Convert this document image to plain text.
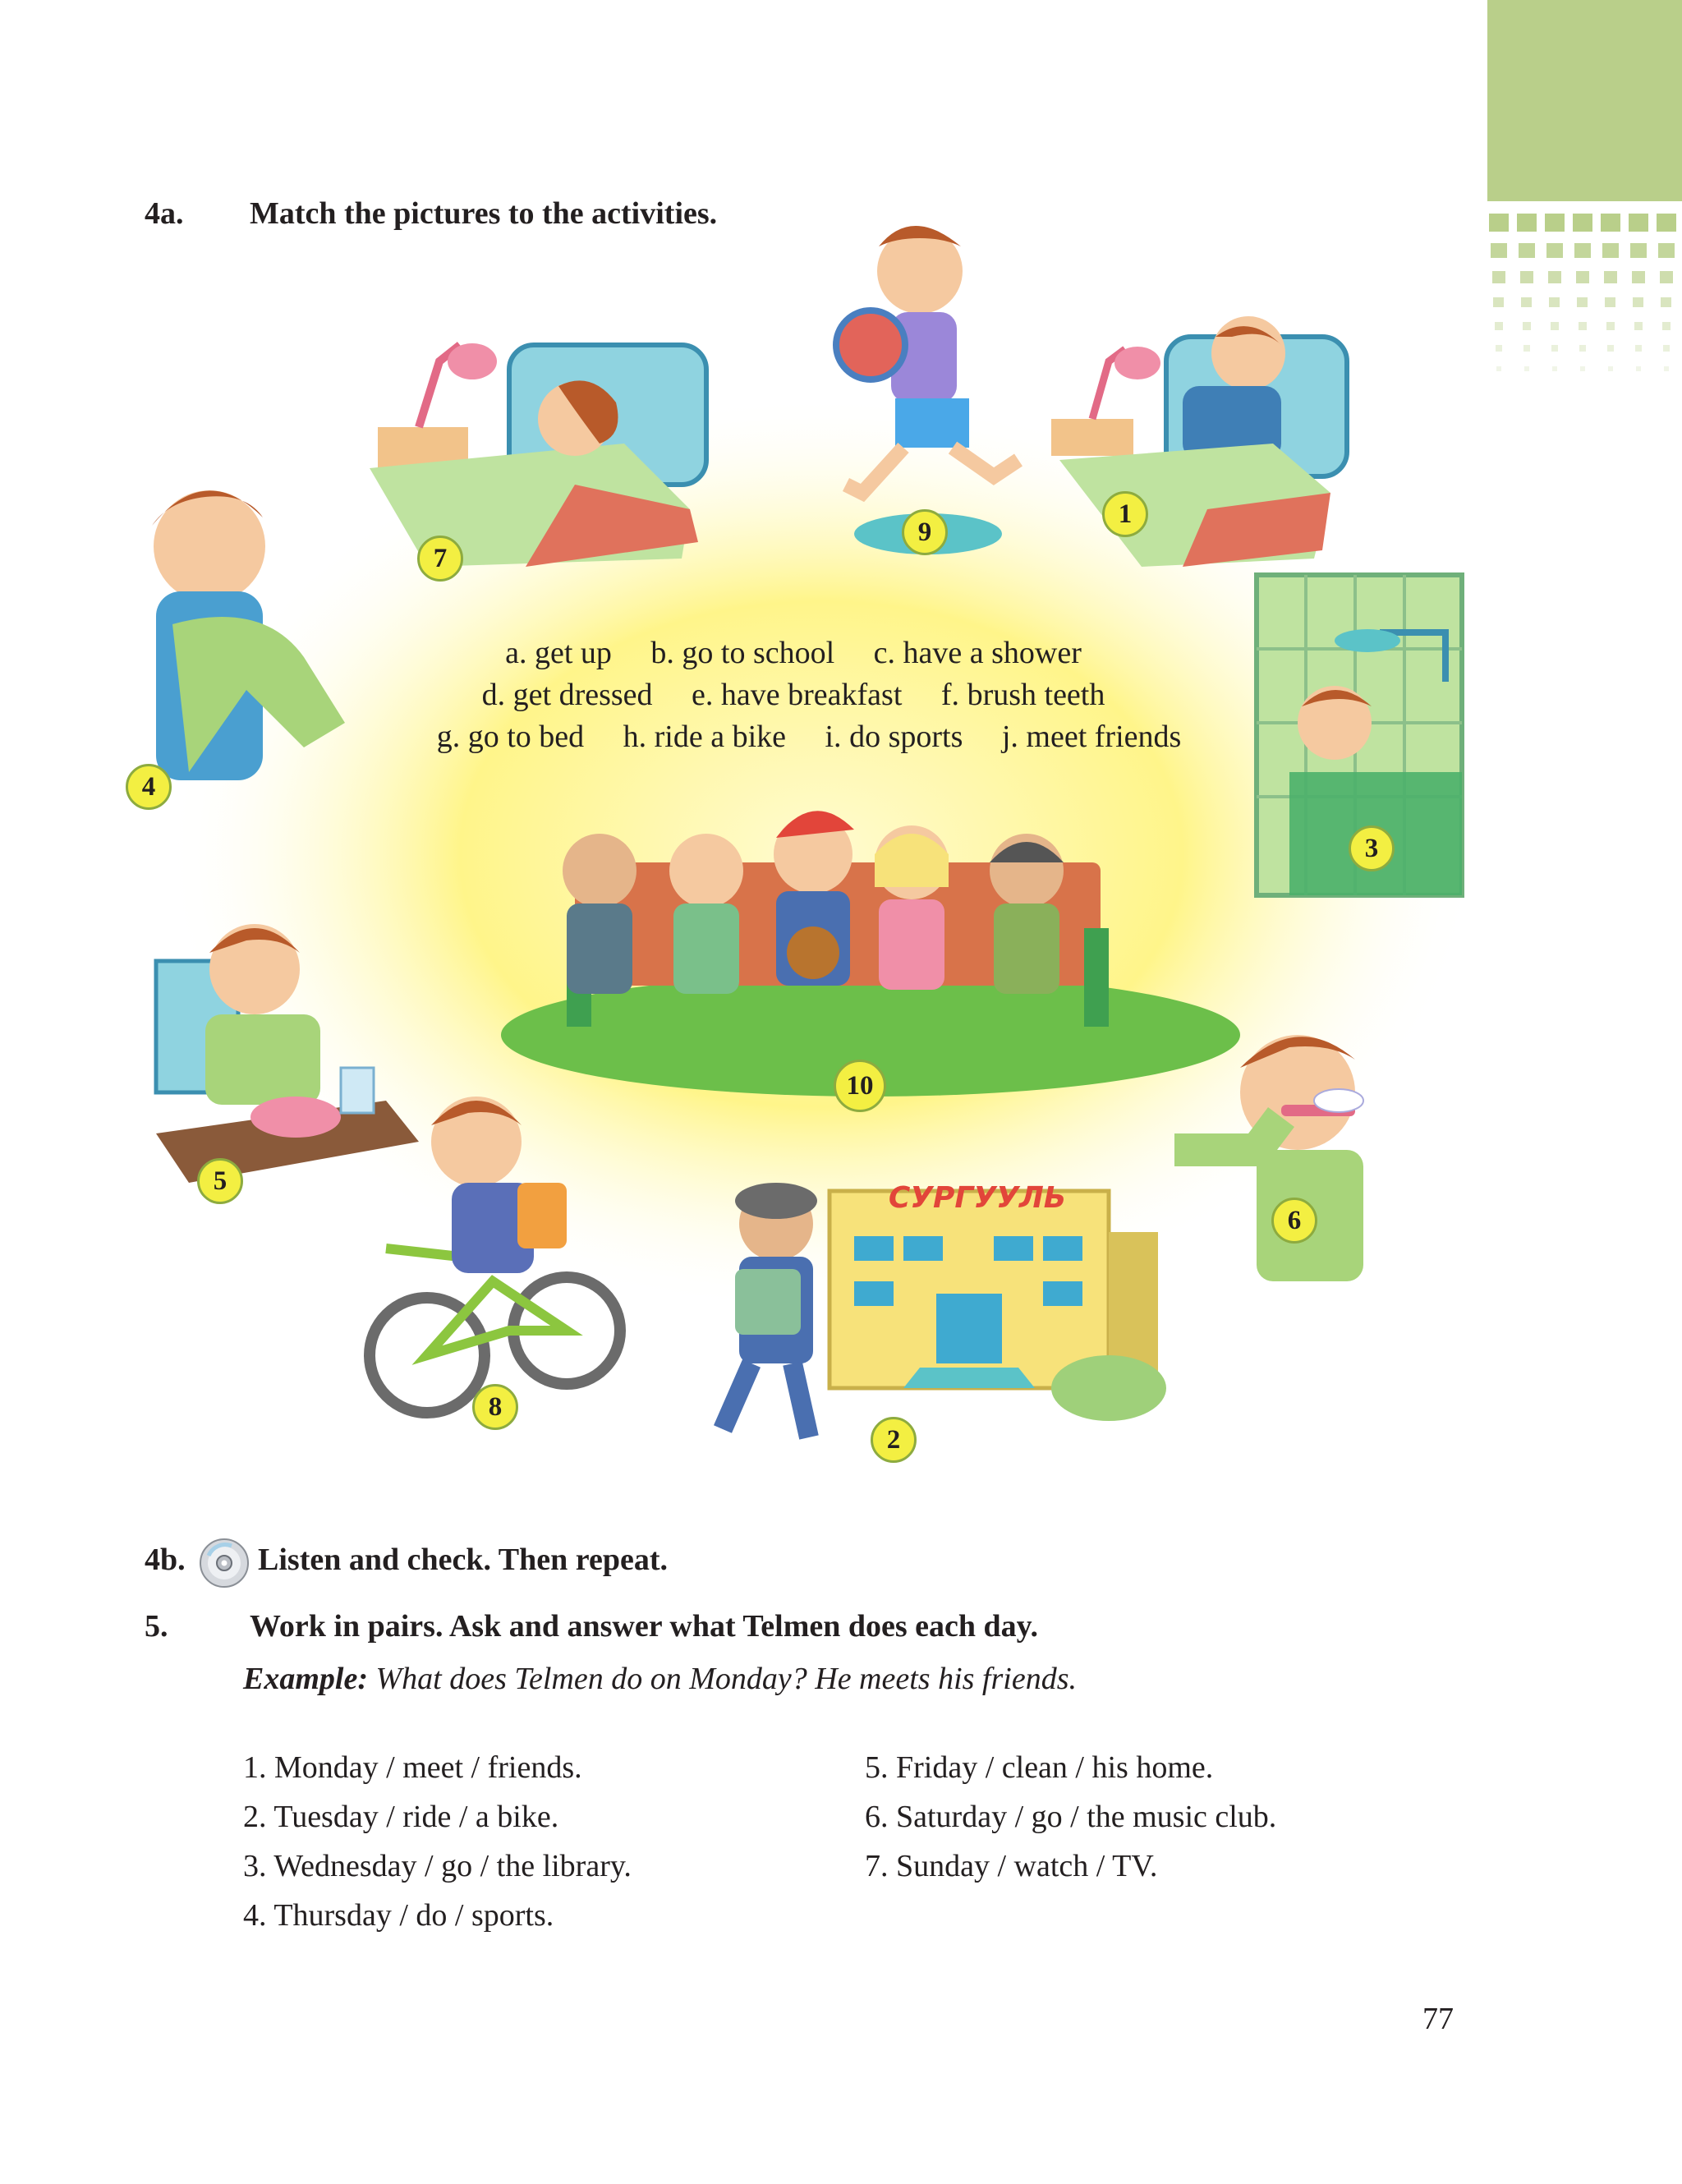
4a. Match the pictures to the activities.
СУРГУУЛЬ
a. get up  b. go to school  c. have a shower  d. get dressed  e. have breakfast  f. brush teeth  g. go to bed  h. ride a bike  i. do sports  j. meet friends
7
9
1
4
3
10
5
6
8
2
4b. Listen and check. Then repeat.
5.	Work in pairs. Ask and answer what Telmen does each day.
Example: What does Telmen do on Monday? He meets his friends.
1. Monday / meet / friends.
2. Tuesday / ride / a bike.
3. Wednesday / go / the library.
4. Thursday / do / sports.
5. Friday / clean / his home.
6. Saturday / go / the music club.
7. Sunday / watch / TV.
77
